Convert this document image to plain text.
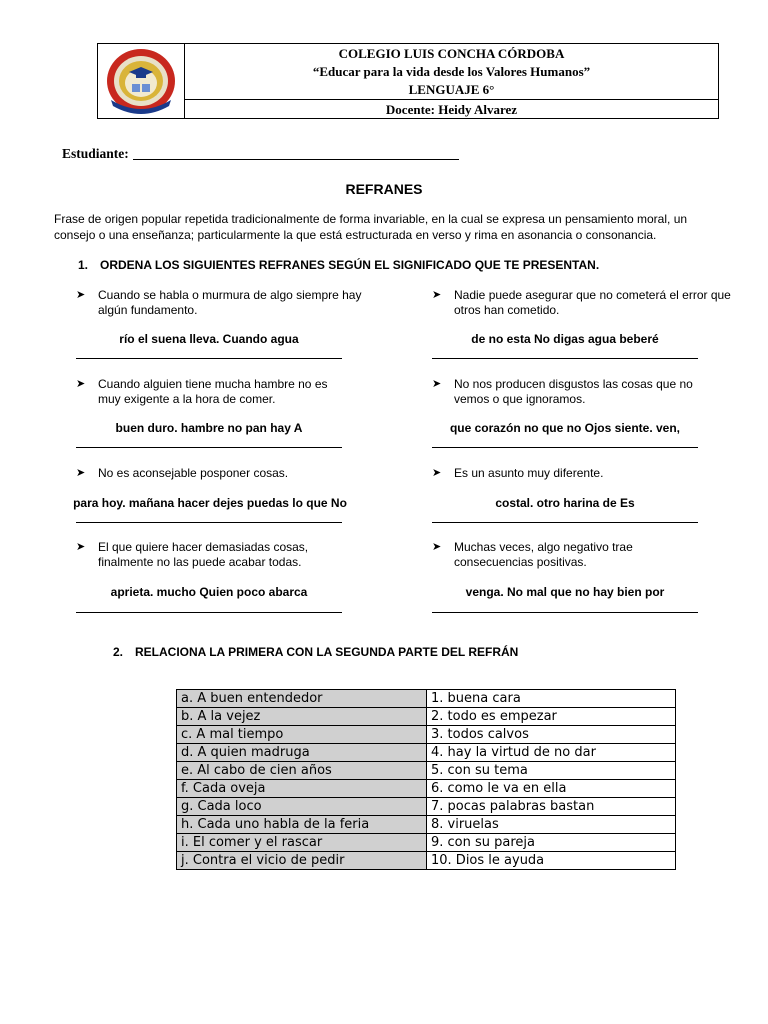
COLEGIO LUIS CONCHA CÓRDOBA
“Educar para la vida desde los Valores Humanos”
LENGUAJE 6°
Docente: Heidy Alvarez
Estudiante:
REFRANES
Frase de origen popular repetida tradicionalmente de forma invariable, en la cual se expresa un pensamiento moral, un consejo o una enseñanza; particularmente la que está estructurada en verso y rima en asonancia o consonancia.
1. ORDENA LOS SIGUIENTES REFRANES SEGÚN EL SIGNIFICADO QUE TE PRESENTAN.
➤ Cuando se habla o murmura de algo siempre hay algún fundamento.
río el suena lleva. Cuando agua
➤ Nadie puede asegurar que no cometerá el error que otros han cometido.
de no esta No digas agua beberé
➤ Cuando alguien tiene mucha hambre no es muy exigente a la hora de comer.
buen duro. hambre no pan hay A
➤ No nos producen disgustos las cosas que no vemos o que ignoramos.
que corazón no que no Ojos siente. ven,
➤ No es aconsejable posponer cosas.
para hoy. mañana hacer dejes puedas lo que No
➤ Es un asunto muy diferente.
costal. otro harina de Es
➤ El que quiere hacer demasiadas cosas, finalmente no las puede acabar todas.
aprieta. mucho Quien poco abarca
➤ Muchas veces, algo negativo trae consecuencias positivas.
venga. No mal que no hay bien por
2. RELACIONA LA PRIMERA CON LA SEGUNDA PARTE DEL REFRÁN
a. A buen entendedor	1. buena cara
b. A la vejez	2. todo es empezar
c. A mal tiempo	3. todos calvos
d. A quien madruga	4. hay la virtud de no dar
e. Al cabo de cien años	5. con su tema
f. Cada oveja	6. como le va en ella
g. Cada loco	7. pocas palabras bastan
h. Cada uno habla de la feria	8. viruelas
i. El comer y el rascar	9. con su pareja
j. Contra el vicio de pedir	10. Dios le ayuda
